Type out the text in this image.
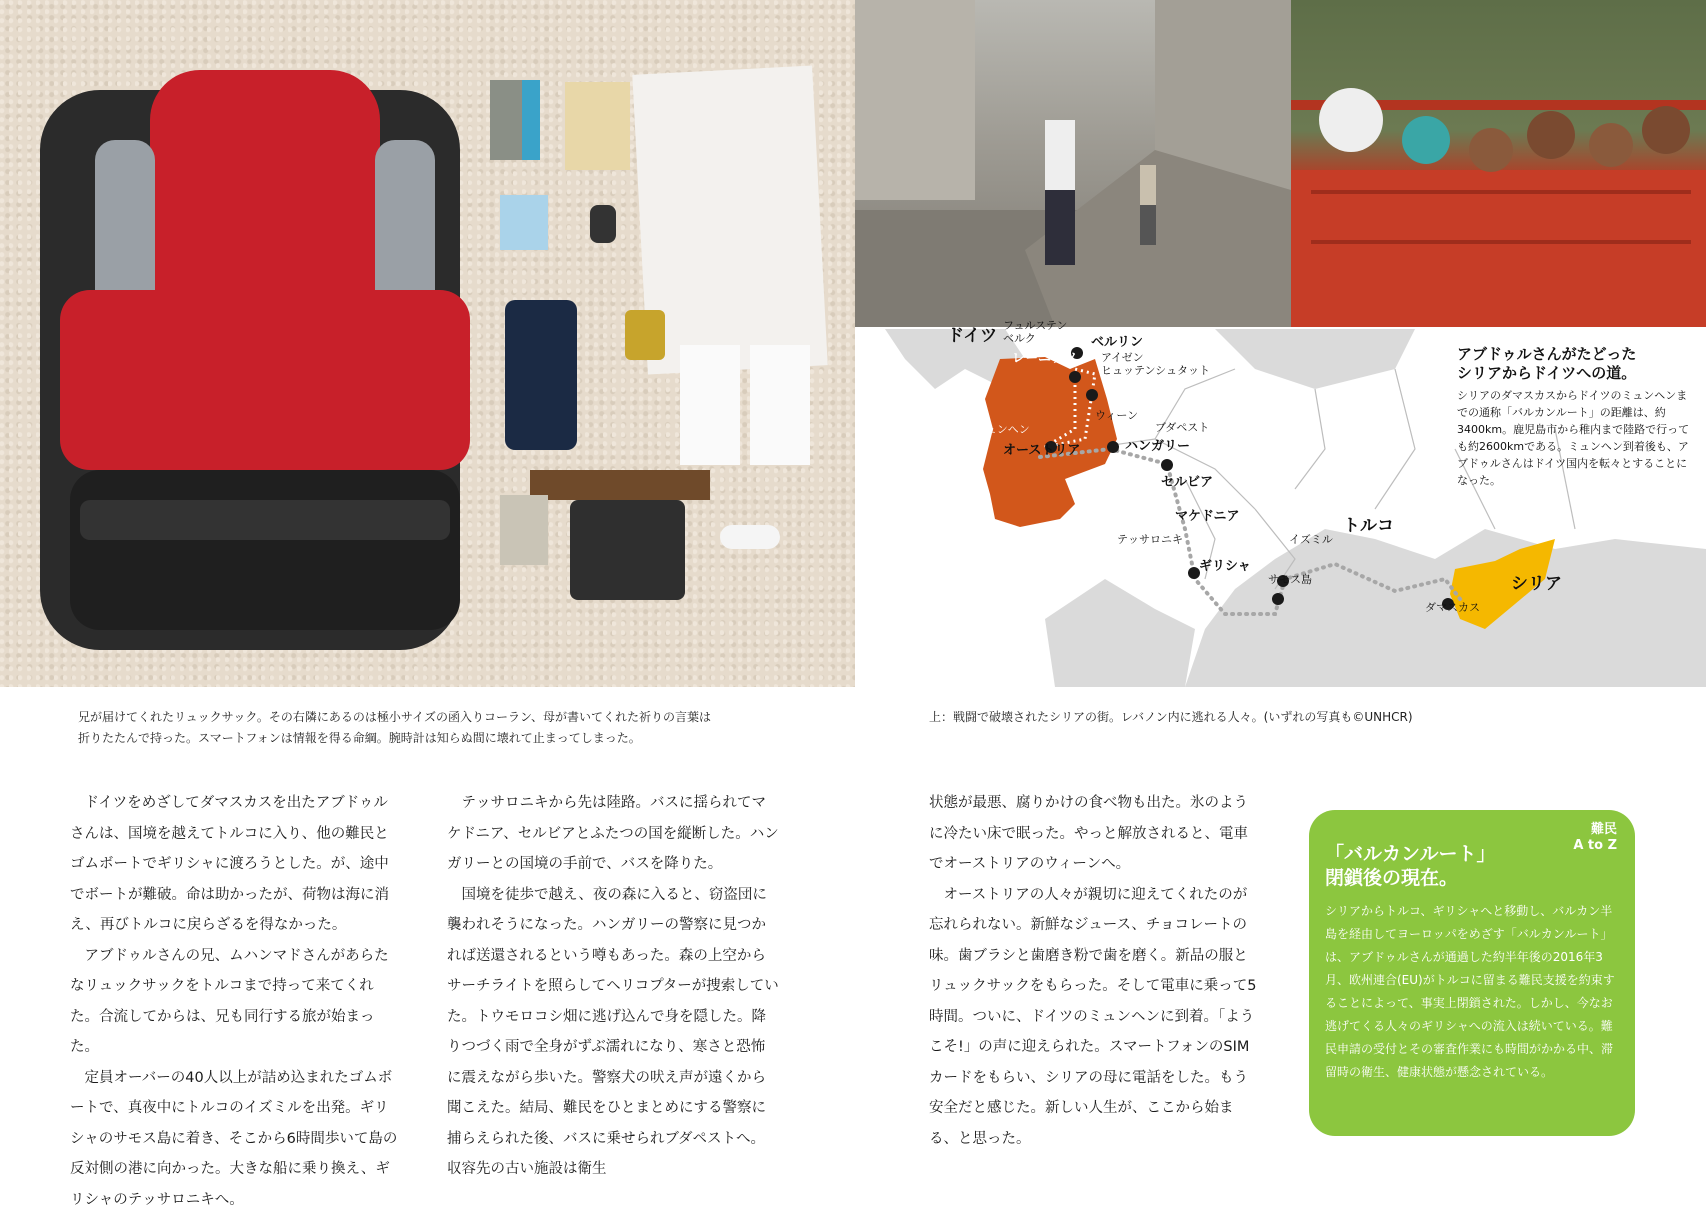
ドイツ
フュルステン
ベルク	ベルリン
レーニッツ アイゼン
ヒュッテンシュタット
ミュンヘン
ウィーン
ブダペスト
オーストリア	ハンガリー
セルビア
マケドニア
テッサロニキ
ギリシャ
イズミル
サモス島
トルコ
シリア
ダマスカス
アブドゥルさんがたどった
シリアからドイツへの道。
シリアのダマスカスからドイツのミュンヘンまでの通称「バルカンルート」の距離は、約3400km。鹿児島市から稚内まで陸路で行っても約2600kmである。ミュンヘン到着後も、アブドゥルさんはドイツ国内を転々とすることになった。
兄が届けてくれたリュックサック。その右隣にあるのは極小サイズの函入りコーラン、母が書いてくれた祈りの言葉は
折りたたんで持った。スマートフォンは情報を得る命綱。腕時計は知らぬ間に壊れて止まってしまった。
上：戦闘で破壊されたシリアの街。レバノン内に逃れる人々。(いずれの写真も©UNHCR)
　ドイツをめざしてダマスカスを出たアブドゥルさんは、国境を越えてトルコに入り、他の難民とゴムボートでギリシャに渡ろうとした。が、途中でボートが難破。命は助かったが、荷物は海に消え、再びトルコに戻らざるを得なかった。
　アブドゥルさんの兄、ムハンマドさんがあらたなリュックサックをトルコまで持って来てくれた。合流してからは、兄も同行する旅が始まった。
　定員オーバーの40人以上が詰め込まれたゴムボートで、真夜中にトルコのイズミルを出発。ギリシャのサモス島に着き、そこから6時間歩いて島の反対側の港に向かった。大きな船に乗り換え、ギリシャのテッサロニキへ。
　テッサロニキから先は陸路。バスに揺られてマケドニア、セルビアとふたつの国を縦断した。ハンガリーとの国境の手前で、バスを降りた。
　国境を徒歩で越え、夜の森に入ると、窃盗団に襲われそうになった。ハンガリーの警察に見つかれば送還されるという噂もあった。森の上空からサーチライトを照らしてヘリコプターが捜索していた。トウモロコシ畑に逃げ込んで身を隠した。降りつづく雨で全身がずぶ濡れになり、寒さと恐怖に震えながら歩いた。警察犬の吠え声が遠くから聞こえた。結局、難民をひとまとめにする警察に捕らえられた後、バスに乗せられブダペストへ。収容先の古い施設は衛生
状態が最悪、腐りかけの食べ物も出た。氷のように冷たい床で眠った。やっと解放されると、電車でオーストリアのウィーンへ。
　オーストリアの人々が親切に迎えてくれたのが忘れられない。新鮮なジュース、チョコレートの味。歯ブラシと歯磨き粉で歯を磨く。新品の服とリュックサックをもらった。そして電車に乗って5時間。ついに、ドイツのミュンヘンに到着。「ようこそ!」の声に迎えられた。スマートフォンのSIMカードをもらい、シリアの母に電話をした。もう安全だと感じた。新しい人生が、ここから始まる、と思った。
難民
A to Z
「バルカンルート」
閉鎖後の現在。
シリアからトルコ、ギリシャへと移動し、バルカン半島を経由してヨーロッパをめざす「バルカンルート」は、アブドゥルさんが通過した約半年後の2016年3月、欧州連合(EU)がトルコに留まる難民支援を約束することによって、事実上閉鎖された。しかし、今なお逃げてくる人々のギリシャへの流入は続いている。難民申請の受付とその審査作業にも時間がかかる中、滞留時の衛生、健康状態が懸念されている。
